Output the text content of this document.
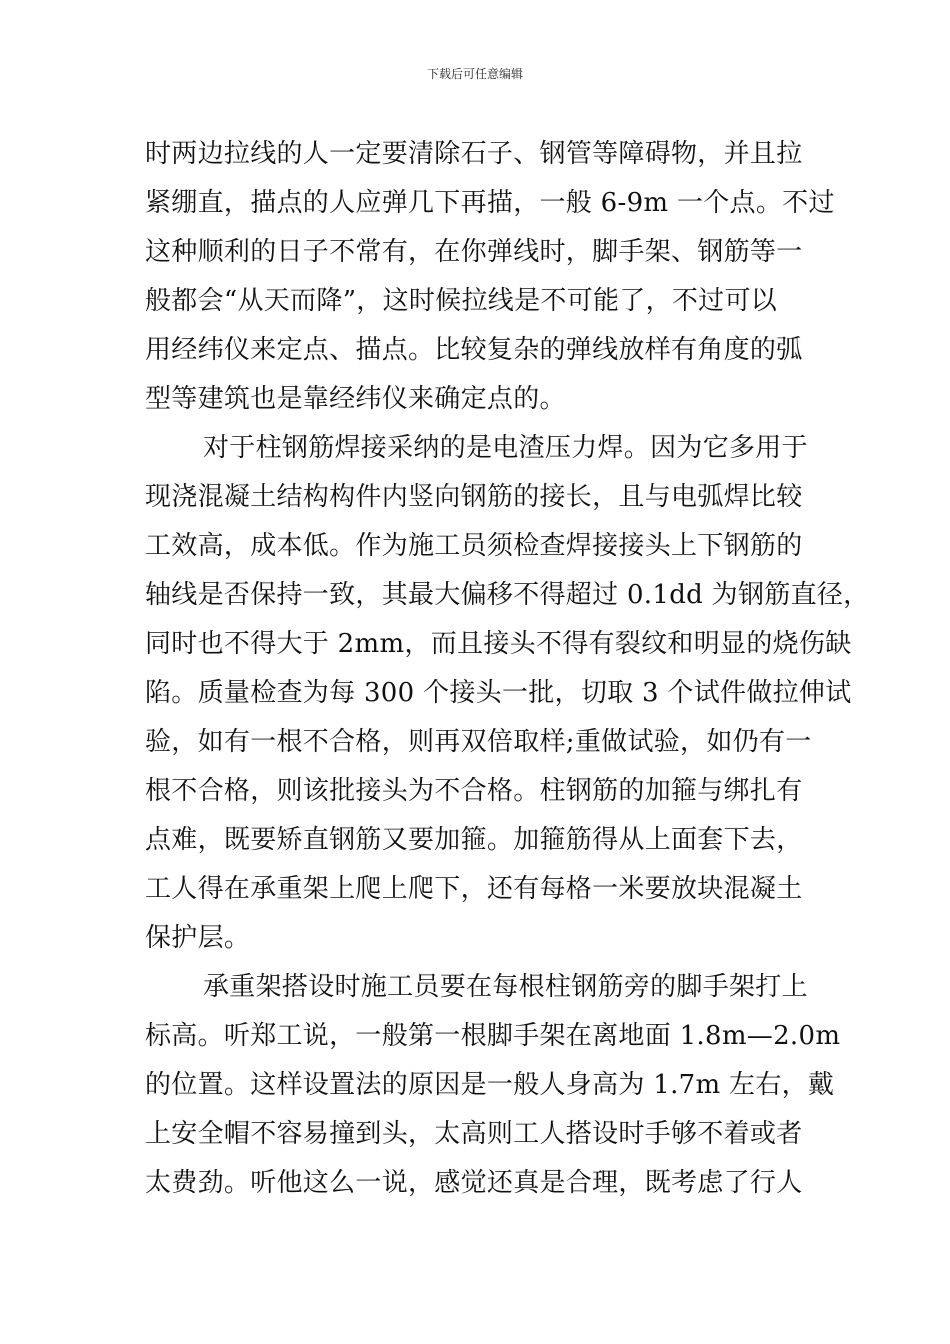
下载后可任意编辑
时两边拉线的人一定要清除石子、钢管等障碍物，并且拉
紧绷直，描点的人应弹几下再描，一般 6-9m 一个点。不过
这种顺利的日子不常有，在你弹线时，脚手架、钢筋等一
般都会“从天而降”，这时候拉线是不可能了，不过可以
用经纬仪来定点、描点。比较复杂的弹线放样有角度的弧
型等建筑也是靠经纬仪来确定点的。
对于柱钢筋焊接采纳的是电渣压力焊。因为它多用于
现浇混凝土结构构件内竖向钢筋的接长，且与电弧焊比较
工效高，成本低。作为施工员须检查焊接接头上下钢筋的
轴线是否保持一致，其最大偏移不得超过 0.1dd 为钢筋直径，
同时也不得大于 2mm，而且接头不得有裂纹和明显的烧伤缺
陷。质量检查为每 300 个接头一批，切取 3 个试件做拉伸试
验，如有一根不合格，则再双倍取样;重做试验，如仍有一
根不合格，则该批接头为不合格。柱钢筋的加箍与绑扎有
点难，既要矫直钢筋又要加箍。加箍筋得从上面套下去，
工人得在承重架上爬上爬下，还有每格一米要放块混凝土
保护层。
承重架搭设时施工员要在每根柱钢筋旁的脚手架打上
标高。听郑工说，一般第一根脚手架在离地面 1.8m—2.0m
的位置。这样设置法的原因是一般人身高为 1.7m 左右，戴
上安全帽不容易撞到头，太高则工人搭设时手够不着或者
太费劲。听他这么一说，感觉还真是合理，既考虑了行人
